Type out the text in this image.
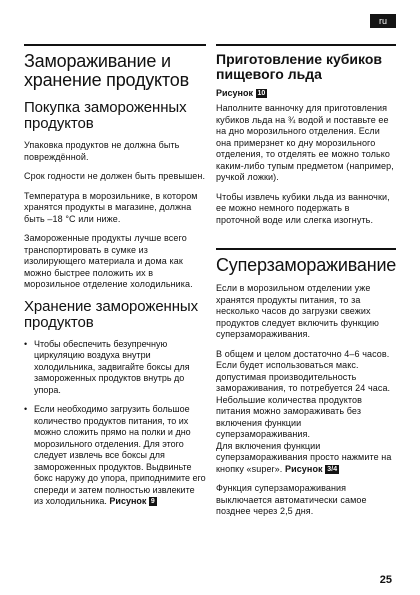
ru
Замораживание и хранение продуктов
Покупка замороженных продуктов

Упаковка продуктов не должна быть повреждённой.

Срок годности не должен быть превышен.

Температура в морозильнике, в котором хранятся продукты в магазине, должна быть –18 °C или ниже.

Замороженные продукты лучше всего транспортировать в сумке из изолирующего материала и дома как можно быстрее положить их в морозильное отделение холодильника.

Хранение замороженных продуктов
• Чтобы обеспечить безупречную циркуляцию воздуха внутри холодильника, задвигайте боксы для замороженных продуктов внутрь до упора.
• Если необходимо загрузить большое количество продуктов питания, то их можно сложить прямо на полки и дно морозильного отделения. Для этого следует извлечь все боксы для замороженных продуктов. Выдвиньте бокс наружу до упора, приподнимите его спереди и затем полностью извлеките из холодильника. Рисунок 9
Приготовление кубиков пищевого льда
Рисунок 10

Наполните ванночку для приготовления кубиков льда на ¾ водой и поставьте ее на дно морозильного отделения. Если она примерзнет ко дну морозильного отделения, то отделять ее можно только каким-либо тупым предметом (например, ручкой ложки).

Чтобы извлечь кубики льда из ванночки, ее можно немного подержать в проточной воде или слегка изогнуть.

Суперзамораживание

Если в морозильном отделении уже хранятся продукты питания, то за несколько часов до загрузки свежих продуктов следует включить функцию суперзамораживания.

В общем и целом достаточно 4–6 часов. Если будет использоваться макс. допустимая производительность замораживания, то потребуется 24 часа. Небольшие количества продуктов питания можно замораживать без включения функции суперзамораживания.

Для включения функции суперзамораживания просто нажмите на кнопку «super». Рисунок 3/4

Функция суперзамораживания выключается автоматически самое позднее через 2,5 дня.

25
